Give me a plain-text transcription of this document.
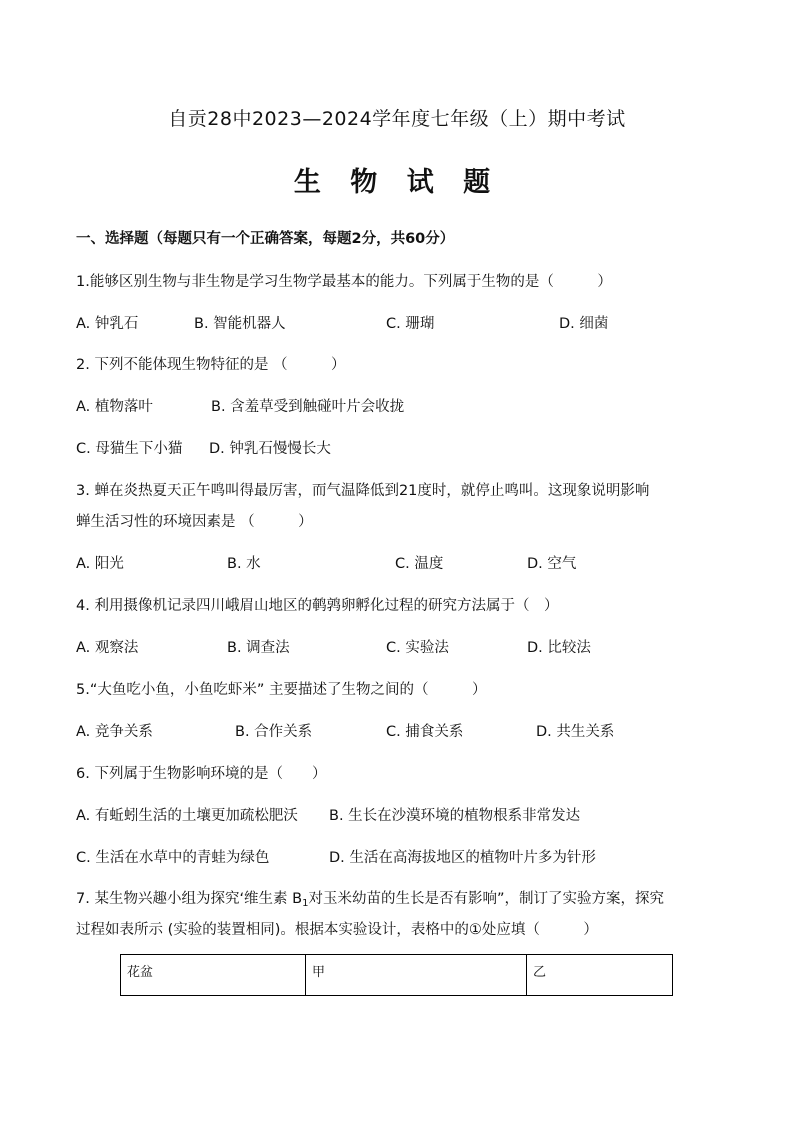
自贡28中2023—2024学年度七年级（上）期中考试
生 物 试 题
一、选择题（每题只有一个正确答案，每题2分，共60分）
1.能够区别生物与非生物是学习生物学最基本的能力。下列属于生物的是（　　　）
A. 钟乳石	B. 智能机器人	C. 珊瑚	D. 细菌
2. 下列不能体现生物特征的是 （　　　）
A. 植物落叶	B. 含羞草受到触碰叶片会收拢
C. 母猫生下小猫 D. 钟乳石慢慢长大
3. 蝉在炎热夏天正午鸣叫得最厉害，而气温降低到21度时，就停止鸣叫。这现象说明影响
蝉生活习性的环境因素是 （　　　）
A. 阳光	B. 水	C. 温度	D. 空气
4. 利用摄像机记录四川峨眉山地区的鹌鹑卵孵化过程的研究方法属于（　）
A. 观察法	B. 调查法	C. 实验法	D. 比较法
5.“大鱼吃小鱼，小鱼吃虾米” 主要描述了生物之间的（　　　）
A. 竞争关系	B. 合作关系	C. 捕食关系	D. 共生关系
6. 下列属于生物影响环境的是（　　）
A. 有蚯蚓生活的土壤更加疏松肥沃 B. 生长在沙漠环境的植物根系非常发达
C. 生活在水草中的青蛙为绿色	D. 生活在高海拔地区的植物叶片多为针形
7. 某生物兴趣小组为探究‘维生素 $B_1$对玉米幼苗的生长是否有影响”，制订了实验方案，探究
过程如表所示 (实验的装置相同)。根据本实验设计，表格中的①处应填（　　　）
花盆	甲	乙
